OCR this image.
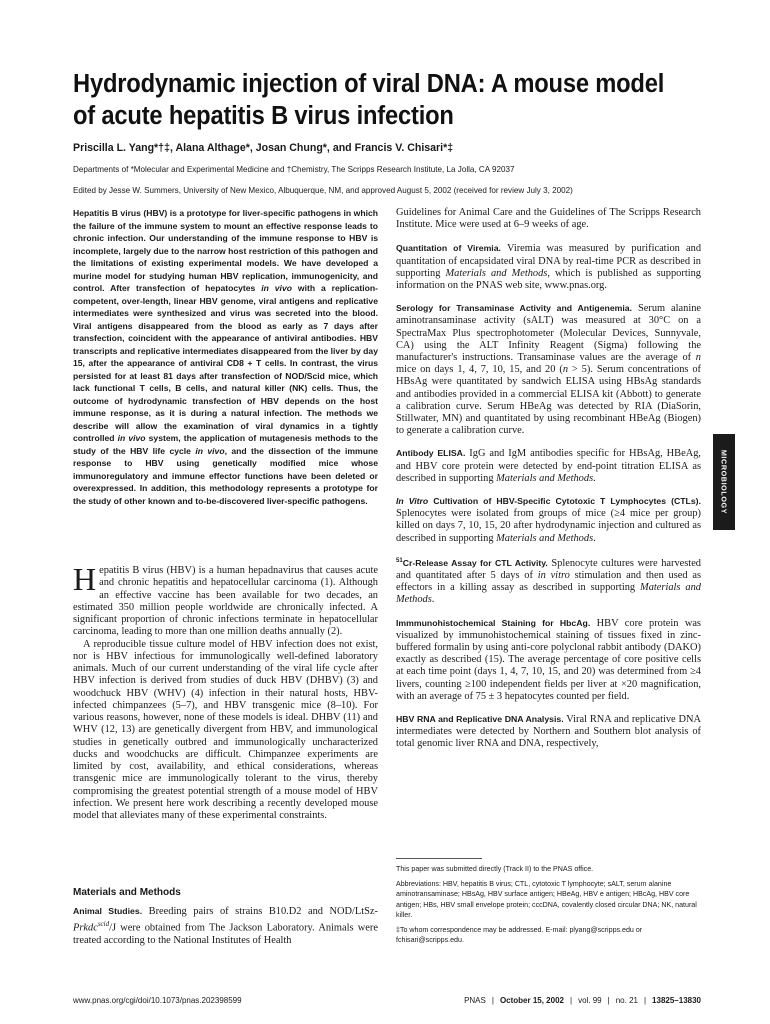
Hydrodynamic injection of viral DNA: A mouse model of acute hepatitis B virus infection
Priscilla L. Yang*†‡, Alana Althage*, Josan Chung*, and Francis V. Chisari*‡
Departments of *Molecular and Experimental Medicine and †Chemistry, The Scripps Research Institute, La Jolla, CA 92037
Edited by Jesse W. Summers, University of New Mexico, Albuquerque, NM, and approved August 5, 2002 (received for review July 3, 2002)
Hepatitis B virus (HBV) is a prototype for liver-specific pathogens in which the failure of the immune system to mount an effective response leads to chronic infection. Our understanding of the immune response to HBV is incomplete, largely due to the narrow host restriction of this pathogen and the limitations of existing experimental models. We have developed a murine model for studying human HBV replication, immunogenicity, and control. After transfection of hepatocytes in vivo with a replication-competent, over-length, linear HBV genome, viral antigens and replicative intermediates were synthesized and virus was secreted into the blood. Viral antigens disappeared from the blood as early as 7 days after transfection, coincident with the appearance of antiviral antibodies. HBV transcripts and replicative intermediates disappeared from the liver by day 15, after the appearance of antiviral CD8 + T cells. In contrast, the virus persisted for at least 81 days after transfection of NOD/Scid mice, which lack functional T cells, B cells, and natural killer (NK) cells. Thus, the outcome of hydrodynamic transfection of HBV depends on the host immune response, as it is during a natural infection. The methods we describe will allow the examination of viral dynamics in a tightly controlled in vivo system, the application of mutagenesis methods to the study of the HBV life cycle in vivo, and the dissection of the immune response to HBV using genetically modified mice whose immunoregulatory and immune effector functions have been deleted or overexpressed. In addition, this methodology represents a prototype for the study of other known and to-be-discovered liver-specific pathogens.

Hepatitis B virus (HBV) is a human hepadnavirus that causes acute and chronic hepatitis and hepatocellular carcinoma (1). Although an effective vaccine has been available for two decades, an estimated 350 million people worldwide are chronically infected. A significant proportion of chronic infections terminate in hepatocellular carcinoma, leading to more than one million deaths annually (2).

A reproducible tissue culture model of HBV infection does not exist, nor is HBV infectious for immunologically well-defined laboratory animals. Much of our current understanding of the viral life cycle after HBV infection is derived from studies of duck HBV (DHBV) (3) and woodchuck HBV (WHV) (4) infection in their natural hosts, HBV-infected chimpanzees (5–7), and HBV transgenic mice (8–10). For various reasons, however, none of these models is ideal. DHBV (11) and WHV (12, 13) are genetically divergent from HBV, and immunological studies in genetically outbred and immunologically uncharacterized ducks and woodchucks are difficult. Chimpanzee experiments are limited by cost, availability, and ethical considerations, whereas transgenic mice are immunologically tolerant to the virus, thereby compromising the greatest potential strength of a mouse model of HBV infection. We present here work describing a recently developed mouse model that alleviates many of these experimental constraints.

Materials and Methods
Animal Studies. Breeding pairs of strains B10.D2 and NOD/LtSz-Prkdc$^{scid}$/J were obtained from The Jackson Laboratory. Animals were treated according to the National Institutes of Health

Guidelines for Animal Care and the Guidelines of The Scripps Research Institute. Mice were used at 6–9 weeks of age.

Quantitation of Viremia. Viremia was measured by purification and quantitation of encapsidated viral DNA by real-time PCR as described in supporting Materials and Methods, which is published as supporting information on the PNAS web site, www.pnas.org.

Serology for Transaminase Activity and Antigenemia. Serum alanine aminotransaminase activity (sALT) was measured at 30°C on a SpectraMax Plus spectrophotometer (Molecular Devices, Sunnyvale, CA) using the ALT Infinity Reagent (Sigma) following the manufacturer's instructions. Transaminase values are the average of n mice on days 1, 4, 7, 10, 15, and 20 (n > 5). Serum concentrations of HBsAg were quantitated by sandwich ELISA using HBsAg standards and antibodies provided in a commercial ELISA kit (Abbott) to generate a calibration curve. Serum HBeAg was detected by RIA (DiaSorin, Stillwater, MN) and quantitated by using recombinant HBeAg (Biogen) to generate a calibration curve.

Antibody ELISA. IgG and IgM antibodies specific for HBsAg, HBeAg, and HBV core protein were detected by end-point titration ELISA as described in supporting Materials and Methods.

In Vitro Cultivation of HBV-Specific Cytotoxic T Lymphocytes (CTLs). Splenocytes were isolated from groups of mice (≥4 mice per group) killed on days 7, 10, 15, 20 after hydrodynamic injection and cultured as described in supporting Materials and Methods.

$^{51}$Cr-Release Assay for CTL Activity. Splenocyte cultures were harvested and quantitated after 5 days of in vitro stimulation and then used as effectors in a killing assay as described in supporting Materials and Methods.

Immmunohistochemical Staining for HbcAg. HBV core protein was visualized by immunohistochemical staining of tissues fixed in zinc-buffered formalin by using anti-core polyclonal rabbit antibody (DAKO) exactly as described (15). The average percentage of core positive cells at each time point (days 1, 4, 7, 10, 15, and 20) was determined from ≥4 livers, counting ≥100 independent fields per liver at ×20 magnification, with an average of 75 ± 3 hepatocytes counted per field.

HBV RNA and Replicative DNA Analysis. Viral RNA and replicative DNA intermediates were detected by Northern and Southern blot analysis of total genomic liver RNA and DNA, respectively,

This paper was submitted directly (Track II) to the PNAS office.

Abbreviations: HBV, hepatitis B virus; CTL, cytotoxic T lymphocyte; sALT, serum alanine aminotransaminase; HBsAg, HBV surface antigen; HBeAg, HBV e antigen; HBcAg, HBV core antigen; HBs, HBV small envelope protein; cccDNA, covalently closed circular DNA; NK, natural killer.

‡To whom correspondence may be addressed. E-mail: plyang@scripps.edu or fchisari@scripps.edu.

MICROBIOLOGY
www.pnas.org/cgi/doi/10.1073/pnas.202398599	PNAS | October 15, 2002 | vol. 99 | no. 21 | 13825–13830
